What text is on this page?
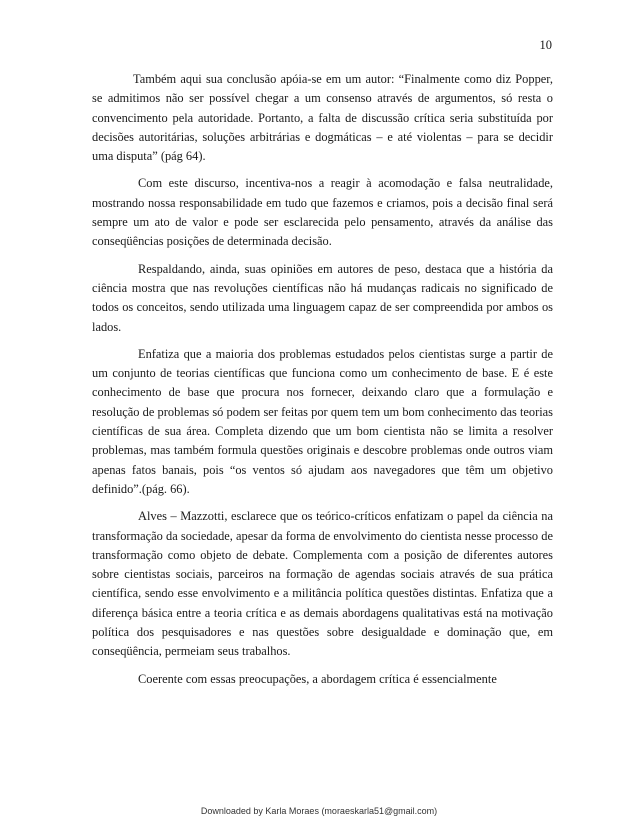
10

Também aqui sua conclusão apóia-se em um autor: “Finalmente como diz Popper, se admitimos não ser possível chegar a um consenso através de argumentos, só resta o convencimento pela autoridade. Portanto, a falta de discussão crítica seria substituída por decisões autoritárias, soluções arbitrárias e dogmáticas – e até violentas – para se decidir uma disputa” (pág 64).

Com este discurso, incentiva-nos a reagir à acomodação e falsa neutralidade, mostrando nossa responsabilidade em tudo que fazemos e criamos, pois a decisão final será sempre um ato de valor e pode ser esclarecida pelo pensamento, através da análise das conseqüências posições de determinada decisão.

Respaldando, ainda, suas opiniões em autores de peso, destaca que a história da ciência mostra que nas revoluções científicas não há mudanças radicais no significado de todos os conceitos, sendo utilizada uma linguagem capaz de ser compreendida por ambos os lados.

Enfatiza que a maioria dos problemas estudados pelos cientistas surge a partir de um conjunto de teorias científicas que funciona como um conhecimento de base. E é este conhecimento de base que procura nos fornecer, deixando claro que a formulação e resolução de problemas só podem ser feitas por quem tem um bom conhecimento das teorias científicas de sua área. Completa dizendo que um bom cientista não se limita a resolver problemas, mas também formula questões originais e descobre problemas onde outros viam apenas fatos banais, pois “os ventos só ajudam aos navegadores que têm um objetivo definido”.(pág. 66).

Alves – Mazzotti, esclarece que os teórico-críticos enfatizam o papel da ciência na transformação da sociedade, apesar da forma de envolvimento do cientista nesse processo de transformação como objeto de debate. Complementa com a posição de diferentes autores sobre cientistas sociais, parceiros na formação de agendas sociais através de sua prática científica, sendo esse envolvimento e a militância política questões distintas. Enfatiza que a diferença básica entre a teoria crítica e as demais abordagens qualitativas está na motivação política dos pesquisadores e nas questões sobre desigualdade e dominação que, em conseqüência, permeiam seus trabalhos.

Coerente com essas preocupações, a abordagem crítica é essencialmente

Downloaded by Karla Moraes (moraeskarla51@gmail.com)
